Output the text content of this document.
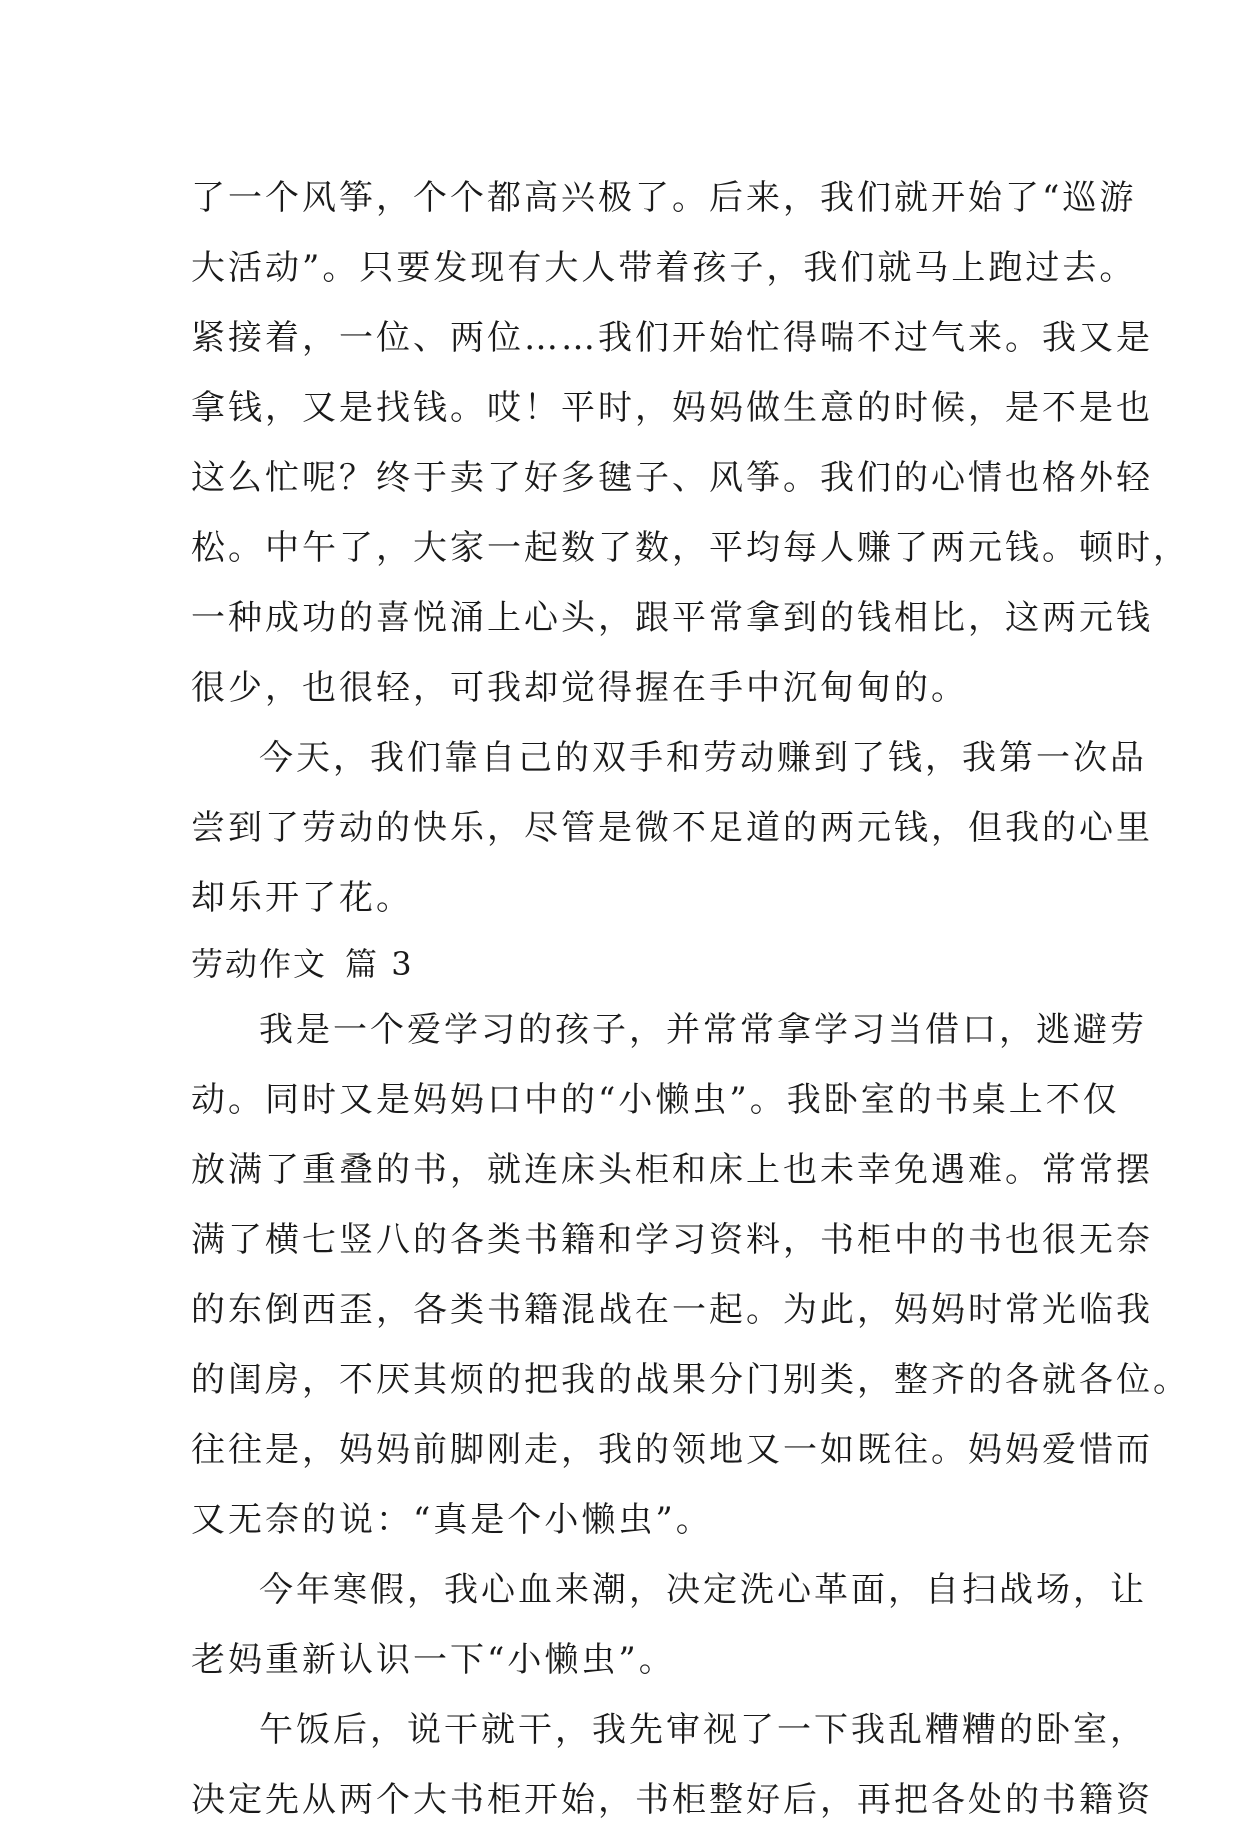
了一个风筝，个个都高兴极了。后来，我们就开始了“巡游
大活动”。只要发现有大人带着孩子，我们就马上跑过去。
紧接着，一位、两位……我们开始忙得喘不过气来。我又是
拿钱，又是找钱。哎！平时，妈妈做生意的时候，是不是也
这么忙呢？终于卖了好多毽子、风筝。我们的心情也格外轻
松。中午了，大家一起数了数，平均每人赚了两元钱。顿时，
一种成功的喜悦涌上心头，跟平常拿到的钱相比，这两元钱
很少，也很轻，可我却觉得握在手中沉甸甸的。
今天，我们靠自己的双手和劳动赚到了钱，我第一次品
尝到了劳动的快乐，尽管是微不足道的两元钱，但我的心里
却乐开了花。
劳动作文 篇 3
我是一个爱学习的孩子，并常常拿学习当借口，逃避劳
动。同时又是妈妈口中的“小懒虫”。我卧室的书桌上不仅
放满了重叠的书，就连床头柜和床上也未幸免遇难。常常摆
满了横七竖八的各类书籍和学习资料，书柜中的书也很无奈
的东倒西歪，各类书籍混战在一起。为此，妈妈时常光临我
的闺房，不厌其烦的把我的战果分门别类，整齐的各就各位。
往往是，妈妈前脚刚走，我的领地又一如既往。妈妈爱惜而
又无奈的说：“真是个小懒虫”。
今年寒假，我心血来潮，决定洗心革面，自扫战场，让
老妈重新认识一下“小懒虫”。
午饭后，说干就干，我先审视了一下我乱糟糟的卧室，
决定先从两个大书柜开始，书柜整好后，再把各处的书籍资
